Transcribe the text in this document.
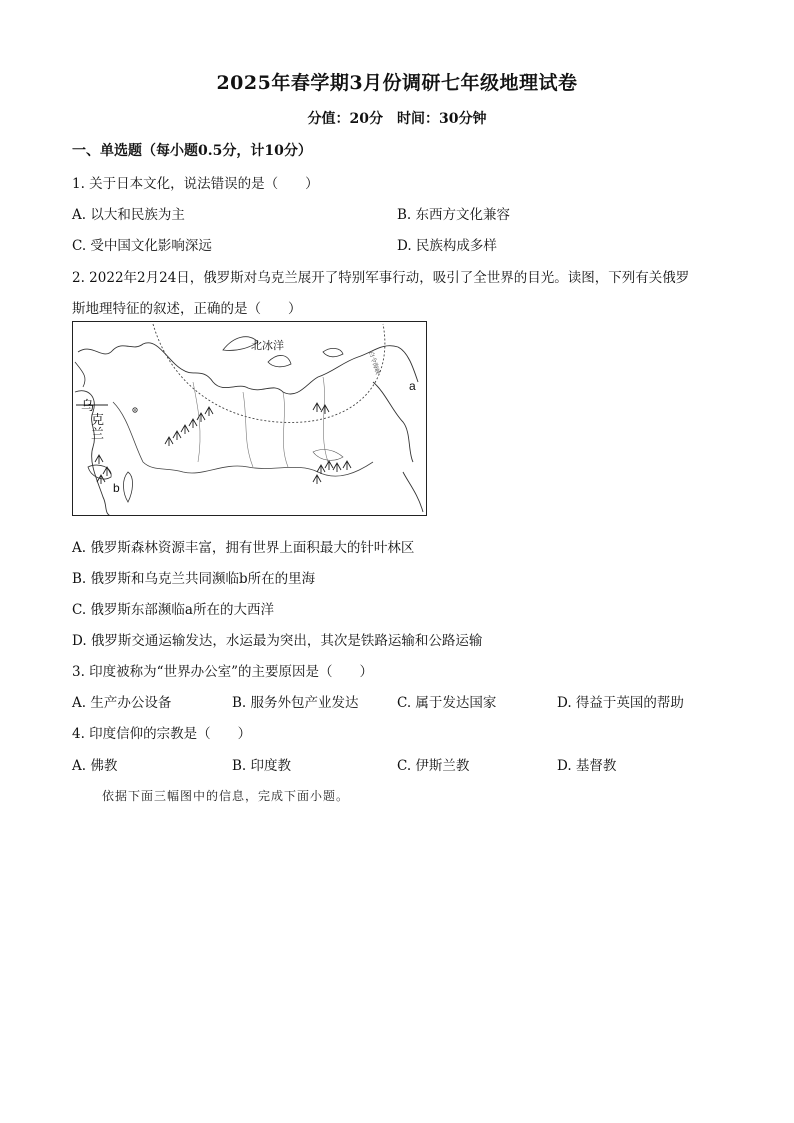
2025年春学期3月份调研七年级地理试卷
分值：20分　时间：30分钟
一、单选题（每小题0.5分，计10分）
1. 关于日本文化，说法错误的是（　　）
A. 以大和民族为主	B. 东西方文化兼容
C. 受中国文化影响深远	D. 民族构成多样
2. 2022年2月24日，俄罗斯对乌克兰展开了特别军事行动，吸引了全世界的目光。读图，下列有关俄罗
斯地理特征的叙述，正确的是（　　）
北冰洋
乌
克
兰
a
b
白令海峡
A. 俄罗斯森林资源丰富，拥有世界上面积最大的针叶林区
B. 俄罗斯和乌克兰共同濒临b所在的里海
C. 俄罗斯东部濒临a所在的大西洋
D. 俄罗斯交通运输发达，水运最为突出，其次是铁路运输和公路运输
3. 印度被称为“世界办公室”的主要原因是（　　）
A. 生产办公设备	B. 服务外包产业发达	C. 属于发达国家	D. 得益于英国的帮助
4. 印度信仰的宗教是（　　）
A. 佛教	B. 印度教	C. 伊斯兰教	D. 基督教
依据下面三幅图中的信息，完成下面小题。
